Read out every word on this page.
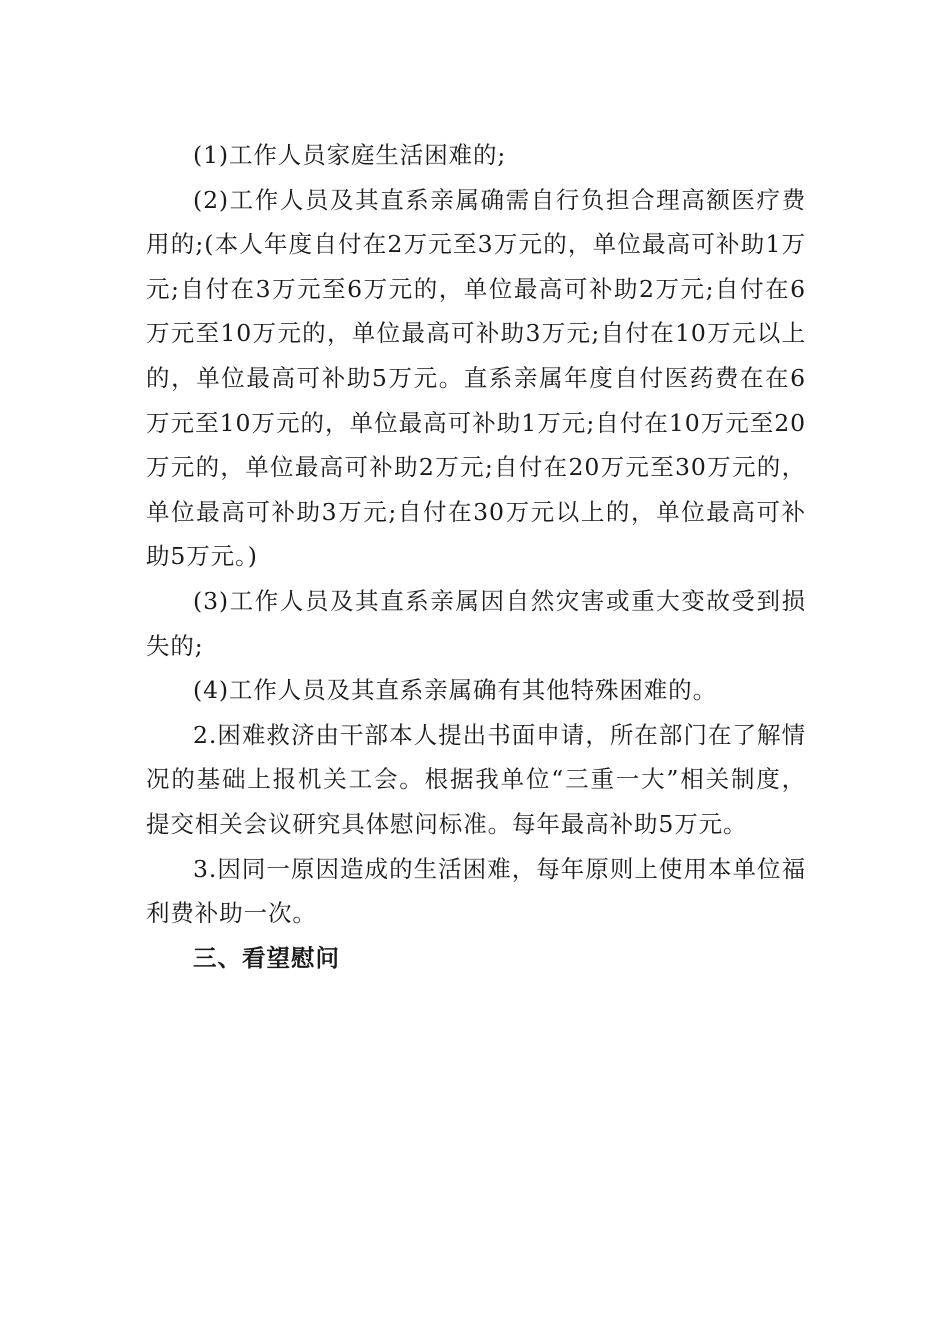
(1)工作人员家庭生活困难的;

(2)工作人员及其直系亲属确需自行负担合理高额医疗费用的;(本人年度自付在2万元至3万元的，单位最高可补助1万元;自付在3万元至6万元的，单位最高可补助2万元;自付在6万元至10万元的，单位最高可补助3万元;自付在10万元以上的，单位最高可补助5万元。直系亲属年度自付医药费在在6万元至10万元的，单位最高可补助1万元;自付在10万元至20万元的，单位最高可补助2万元;自付在20万元至30万元的，单位最高可补助3万元;自付在30万元以上的，单位最高可补助5万元。)

(3)工作人员及其直系亲属因自然灾害或重大变故受到损失的;

(4)工作人员及其直系亲属确有其他特殊困难的。

2.困难救济由干部本人提出书面申请，所在部门在了解情况的基础上报机关工会。根据我单位“三重一大”相关制度，提交相关会议研究具体慰问标准。每年最高补助5万元。

3.因同一原因造成的生活困难，每年原则上使用本单位福利费补助一次。

三、看望慰问
